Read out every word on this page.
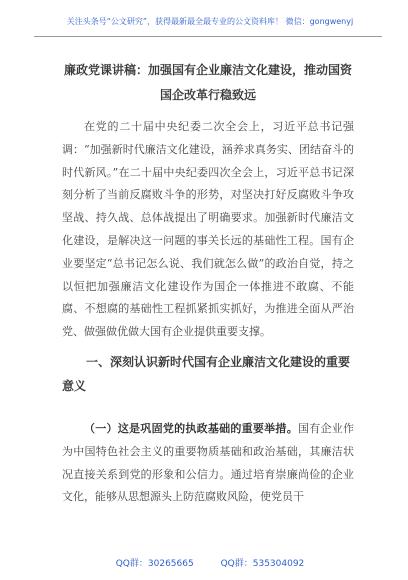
关注头条号“公文研究”，获得最新最全最专业的公文资料库！ 微信：gongwenyj
廉政党课讲稿：加强国有企业廉洁文化建设，推动国资国企改革行稳致远

在党的二十届中央纪委二次全会上，习近平总书记强调：“加强新时代廉洁文化建设，涵养求真务实、团结奋斗的时代新风。”在二十届中央纪委四次全会上，习近平总书记深刻分析了当前反腐败斗争的形势，对坚决打好反腐败斗争攻坚战、持久战、总体战提出了明确要求。加强新时代廉洁文化建设，是解决这一问题的事关长远的基础性工程。国有企业要坚定“总书记怎么说、我们就怎么做”的政治自觉，持之以恒把加强廉洁文化建设作为国企一体推进不敢腐、不能腐、不想腐的基础性工程抓紧抓实抓好，为推进全面从严治党、做强做优做大国有企业提供重要支撑。

一、深刻认识新时代国有企业廉洁文化建设的重要意义

（一）这是巩固党的执政基础的重要举措。国有企业作为中国特色社会主义的重要物质基础和政治基础，其廉洁状况直接关系到党的形象和公信力。通过培育崇廉尚俭的企业文化，能够从思想源头上防范腐败风险，使党员干

QQ群：30265665	QQ群：535304092
